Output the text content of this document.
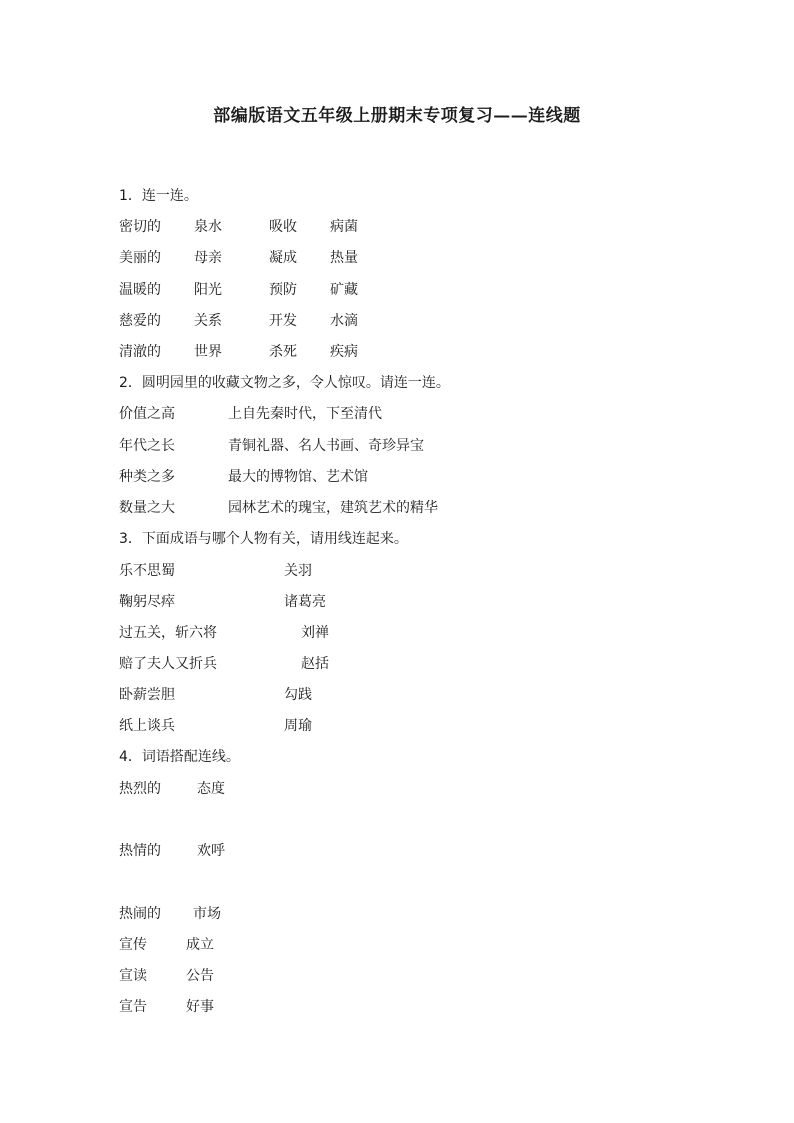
部编版语文五年级上册期末专项复习——连线题
1．连一连。
密切的 泉水	吸收 病菌
美丽的 母亲	凝成 热量
温暖的 阳光	预防 矿藏
慈爱的 关系	开发 水滴
清澈的 世界	杀死 疾病
2．圆明园里的收藏文物之多，令人惊叹。请连一连。
价值之高	上自先秦时代，下至清代
年代之长	青铜礼器、名人书画、奇珍异宝
种类之多	最大的博物馆、艺术馆
数量之大	园林艺术的瑰宝，建筑艺术的精华
3．下面成语与哪个人物有关，请用线连起来。
乐不思蜀	关羽
鞠躬尽瘁	诸葛亮
过五关，斩六将	刘禅
赔了夫人又折兵	赵括
卧薪尝胆	勾践
纸上谈兵	周瑜
4．词语搭配连线。
热烈的	态度
热情的	欢呼
热闹的 市场
宣传	成立
宣读	公告
宣告	好事
